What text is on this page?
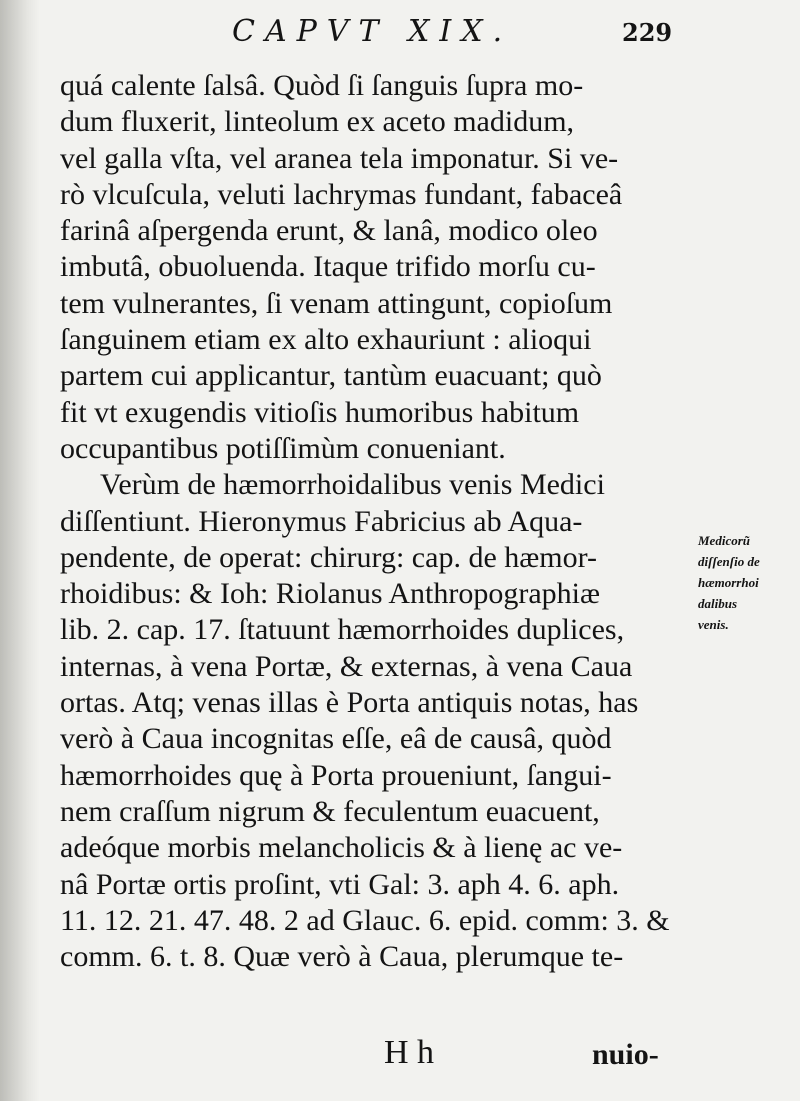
CAPVT XIX.	229
quá calente ſalsâ. Quòd ſi ſanguis ſupra mo-
dum fluxerit, linteolum ex aceto madidum,
vel galla vſta, vel aranea tela imponatur. Si ve-
rò vlcuſcula, veluti lachrymas fundant, fabaceâ
farinâ aſpergenda erunt, & lanâ, modico oleo
imbutâ, obuoluenda. Itaque trifido morſu cu-
tem vulnerantes, ſi venam attingunt, copioſum
ſanguinem etiam ex alto exhauriunt : alioqui
partem cui applicantur, tantùm euacuant; quò
fit vt exugendis vitioſis humoribus habitum
occupantibus potiſſimùm conueniant.
Verùm de hæmorrhoidalibus venis Medici
diſſentiunt. Hieronymus Fabricius ab Aqua-
pendente, de operat: chirurg: cap. de hæmor-
rhoidibus: & Ioh: Riolanus Anthropographiæ
lib. 2. cap. 17. ſtatuunt hæmorrhoides duplices,
internas, à vena Portæ, & externas, à vena Caua
ortas. Atq; venas illas è Porta antiquis notas, has
verò à Caua incognitas eſſe, eâ de causâ, quòd
hæmorrhoides quę à Porta proueniunt, ſangui-
nem craſſum nigrum & feculentum euacuent,
adeóque morbis melancholicis & à lienę ac ve-
nâ Portæ ortis proſint, vti Gal: 3. aph 4. 6. aph.
11. 12. 21. 47. 48. 2 ad Glauc. 6. epid. comm: 3. &
comm. 6. t. 8. Quæ verò à Caua, plerumque te-
Medicorũ
diſſenſio de
hæmorrhoi
dalibus
venis.
H h	nuio-
